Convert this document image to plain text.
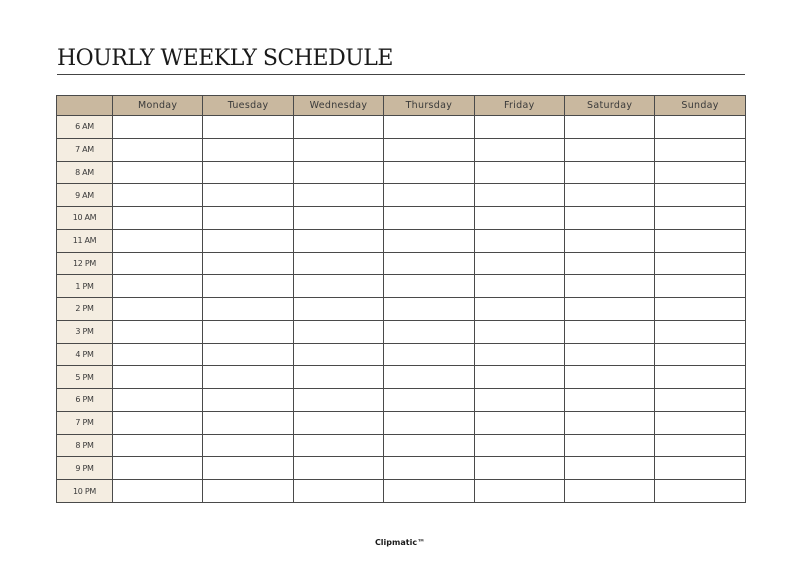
HOURLY WEEKLY SCHEDULE
	Monday	Tuesday	Wednesday	Thursday	Friday	Saturday	Sunday
6 AM							
7 AM							
8 AM							
9 AM							
10 AM							
11 AM							
12 PM							
1 PM							
2 PM							
3 PM							
4 PM							
5 PM							
6 PM							
7 PM							
8 PM							
9 PM							
10 PM							
Clipmatic™
